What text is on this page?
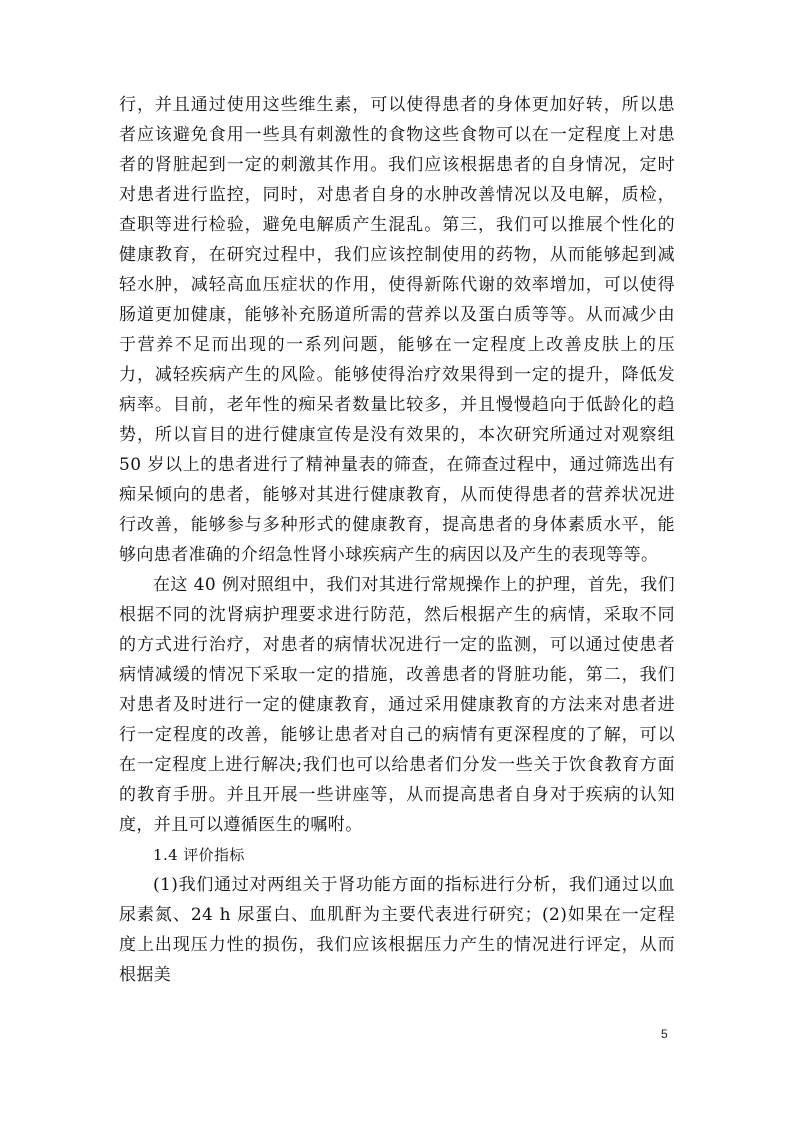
行，并且通过使用这些维生素，可以使得患者的身体更加好转，所以患者应该避免食用一些具有刺激性的食物这些食物可以在一定程度上对患者的肾脏起到一定的刺激其作用。我们应该根据患者的自身情况，定时对患者进行监控，同时，对患者自身的水肿改善情况以及电解，质检，查职等进行检验，避免电解质产生混乱。第三，我们可以推展个性化的健康教育，在研究过程中，我们应该控制使用的药物，从而能够起到减轻水肿，减轻高血压症状的作用，使得新陈代谢的效率增加，可以使得肠道更加健康，能够补充肠道所需的营养以及蛋白质等等。从而减少由于营养不足而出现的一系列问题，能够在一定程度上改善皮肤上的压力，减轻疾病产生的风险。能够使得治疗效果得到一定的提升，降低发病率。目前，老年性的痴呆者数量比较多，并且慢慢趋向于低龄化的趋势，所以盲目的进行健康宣传是没有效果的，本次研究所通过对观察组 50 岁以上的患者进行了精神量表的筛查，在筛查过程中，通过筛选出有痴呆倾向的患者，能够对其进行健康教育，从而使得患者的营养状况进行改善，能够参与多种形式的健康教育，提高患者的身体素质水平，能够向患者准确的介绍急性肾小球疾病产生的病因以及产生的表现等等。

在这 40 例对照组中，我们对其进行常规操作上的护理，首先，我们根据不同的沈肾病护理要求进行防范，然后根据产生的病情，采取不同的方式进行治疗，对患者的病情状况进行一定的监测，可以通过使患者病情减缓的情况下采取一定的措施，改善患者的肾脏功能，第二，我们对患者及时进行一定的健康教育，通过采用健康教育的方法来对患者进行一定程度的改善，能够让患者对自己的病情有更深程度的了解，可以在一定程度上进行解决;我们也可以给患者们分发一些关于饮食教育方面的教育手册。并且开展一些讲座等，从而提高患者自身对于疾病的认知度，并且可以遵循医生的嘱咐。

1.4 评价指标

(1)我们通过对两组关于肾功能方面的指标进行分析，我们通过以血尿素氮、24 h 尿蛋白、血肌酐为主要代表进行研究；(2)如果在一定程度上出现压力性的损伤，我们应该根据压力产生的情况进行评定，从而根据美

5
